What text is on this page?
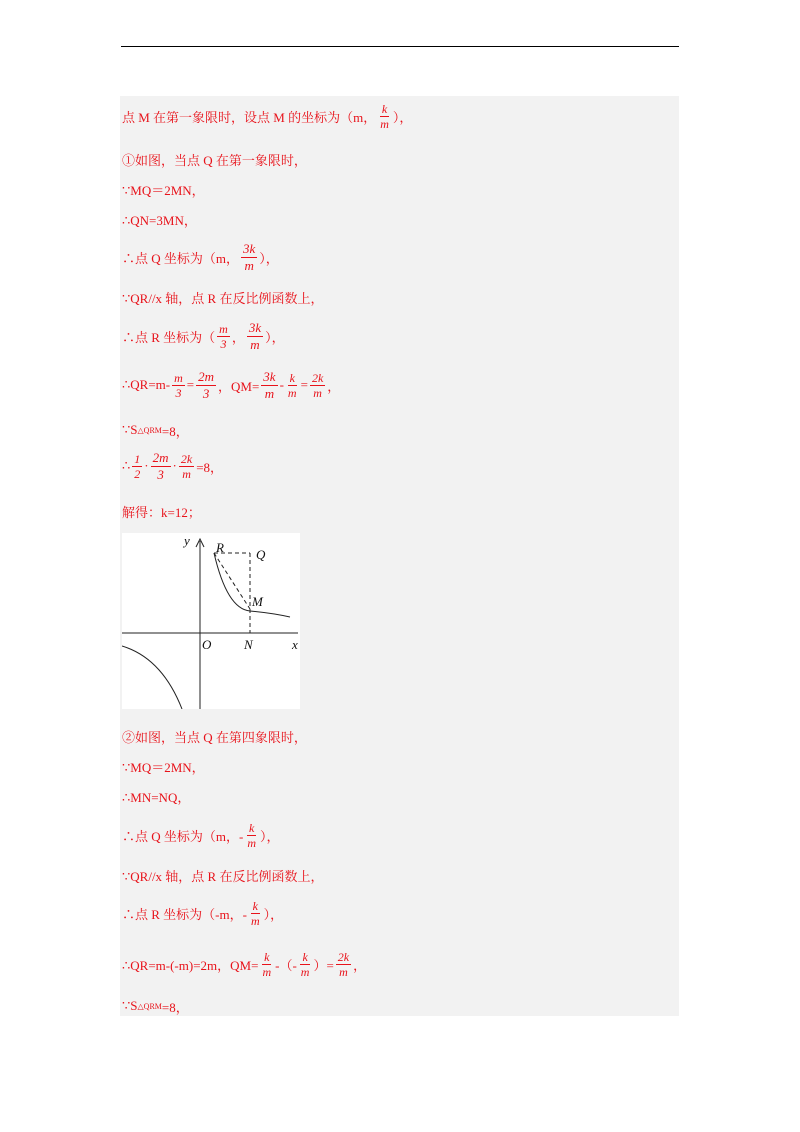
点 M 在第一象限时，设点 M 的坐标为（m， $\frac{k}{m}$ ），
①如图，当点 Q 在第一象限时，
∵MQ＝2MN，
∴QN=3MN，
∴点 Q 坐标为（m， $\frac{3k}{m}$ ），
∵QR//x 轴，点 R 在反比例函数上，
∴点 R 坐标为（ $\frac{m}{3}$ ， $\frac{3k}{m}$ ），
∴QR=m- $\frac{m}{3} = \frac{2m}{3}$ ，$QM= \frac{3k}{m} - \frac{k}{m} = \frac{2k}{m}$ ，
∵S △QRM =8，
∴ $\frac{1}{2} \cdot \frac{2m}{3} \cdot \frac{2k}{m} =8$，
解得：k=12；
y
x
O	N
M
R Q
②如图，当点 Q 在第四象限时，
∵MQ＝2MN，
∴MN=NQ，
∴点 Q 坐标为（m，- $\frac{k}{m}$ ），
∵QR//x 轴，点 R 在反比例函数上，
∴点 R 坐标为（-m，- $\frac{k}{m}$ ），
∴QR=m-(-m)=2m，$QM= \frac{k}{m}$ -（- $\frac{k}{m}$ ）= $\frac{2k}{m}$ ，
∵S △QRM =8，
